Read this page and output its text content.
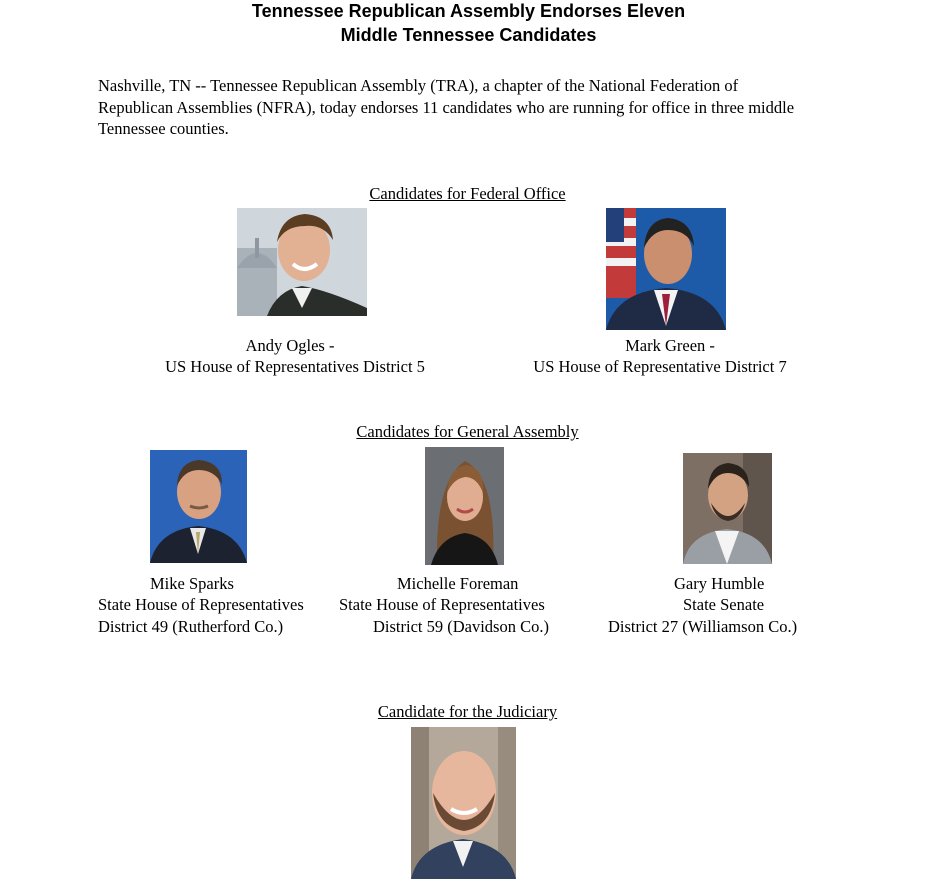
Tennessee Republican Assembly Endorses Eleven
Middle Tennessee Candidates
Nashville, TN -- Tennessee Republican Assembly (TRA), a chapter of the National Federation of
Republican Assemblies (NFRA), today endorses 11 candidates who are running for office in three middle
Tennessee counties.
Candidates for Federal Office
Andy Ogles -
US House of Representatives District 5
Mark Green -
US House of Representative District 7
Candidates for General Assembly
Mike Sparks
State House of Representatives
District 49 (Rutherford Co.)
Michelle Foreman
State House of Representatives
District 59 (Davidson Co.)
Gary Humble
State Senate
District 27 (Williamson Co.)
Candidate for the Judiciary
